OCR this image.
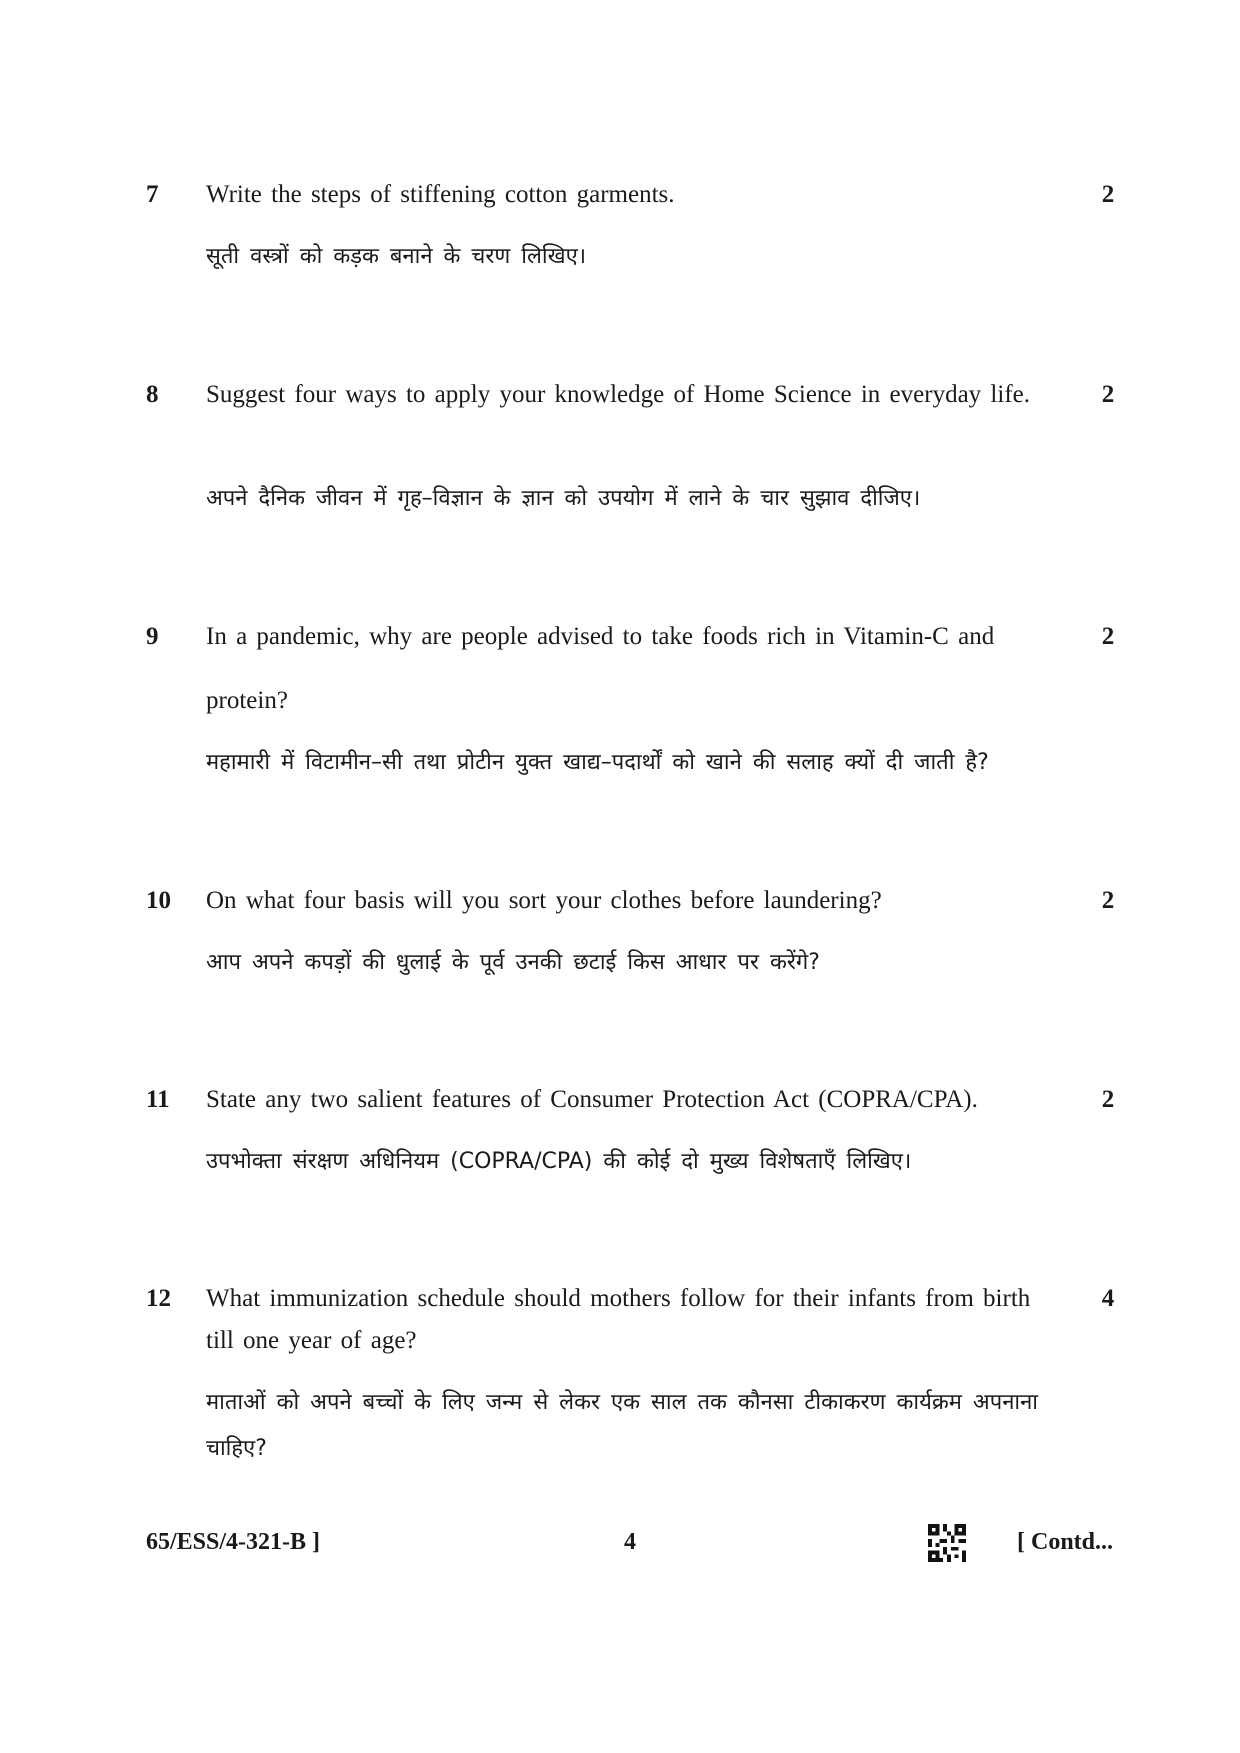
7 Write the steps of stiffening cotton garments.	2
सूती वस्त्रों को कड़क बनाने के चरण लिखिए।
8 Suggest four ways to apply your knowledge of Home Science in everyday life.	2
अपने दैनिक जीवन में गृह–विज्ञान के ज्ञान को उपयोग में लाने के चार सुझाव दीजिए।
9 In a pandemic, why are people advised to take foods rich in Vitamin-C and protein?
2
महामारी में विटामीन–सी तथा प्रोटीन युक्त खाद्य–पदार्थों को खाने की सलाह क्यों दी जाती है?
10 On what four basis will you sort your clothes before laundering?	2
आप अपने कपड़ों की धुलाई के पूर्व उनकी छटाई किस आधार पर करेंगे?
11 State any two salient features of Consumer Protection Act (COPRA/CPA).	2
उपभोक्ता संरक्षण अधिनियम (COPRA/CPA) की कोई दो मुख्य विशेषताएँ लिखिए।
12 What immunization schedule should mothers follow for their infants from birth till one year of age?
4
माताओं को अपने बच्चों के लिए जन्म से लेकर एक साल तक कौनसा टीकाकरण कार्यक्रम अपनाना चाहिए?
65/ESS/4-321-B ]	4	[ Contd...
